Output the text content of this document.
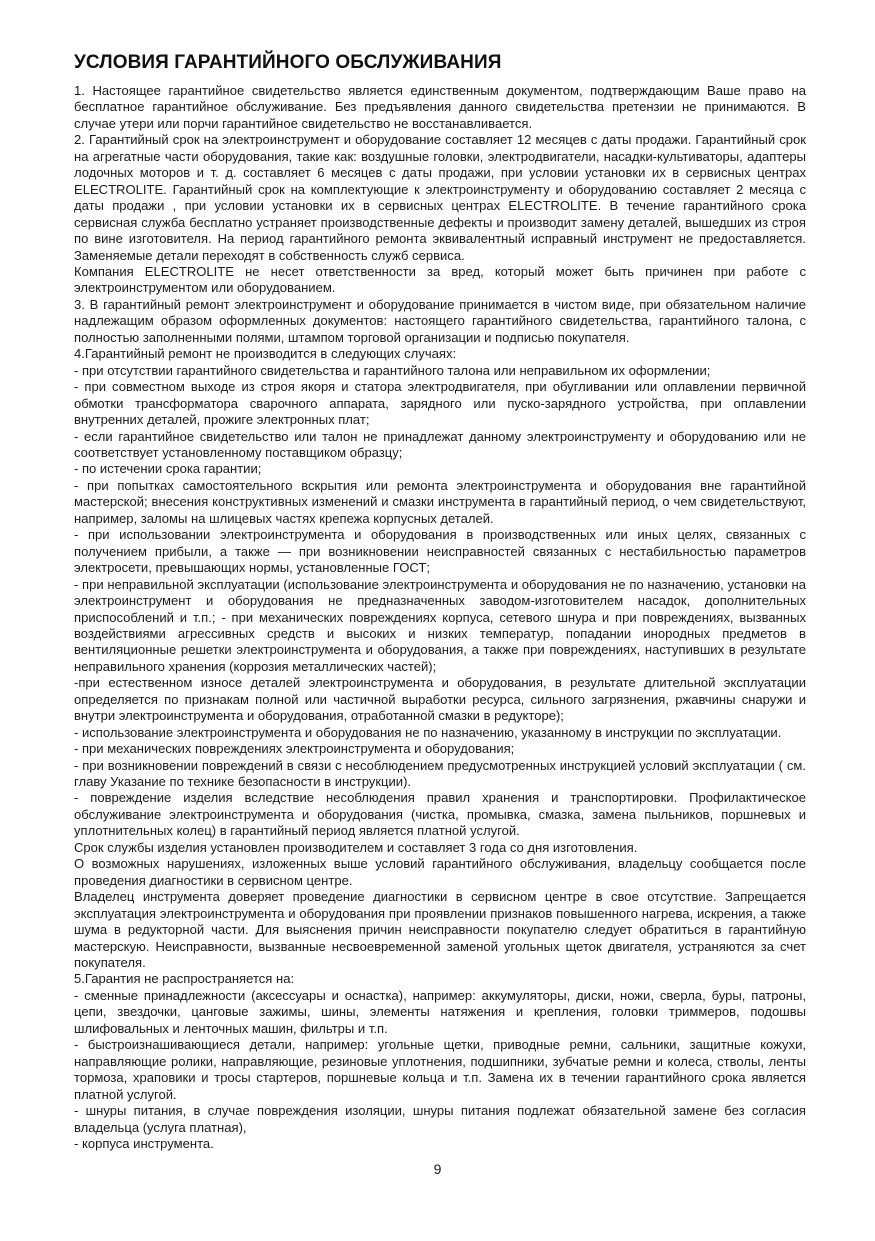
УСЛОВИЯ ГАРАНТИЙНОГО ОБСЛУЖИВАНИЯ

1. Настоящее гарантийное свидетельство является единственным документом, подтверждающим Ваше право на бесплатное гарантийное обслуживание. Без предъявления данного свидетельства претензии не принимаются. В случае утери или порчи гарантийное свидетельство не восстанавливается.

2. Гарантийный срок на электроинструмент и оборудование составляет 12 месяцев с даты продажи. Гарантийный срок на агрегатные части оборудования, такие как: воздушные головки, электродвигатели, насадки-культиваторы, адаптеры лодочных моторов и т. д. составляет 6 месяцев с даты продажи, при условии установки их в сервисных центрах ELECTROLITE. Гарантийный срок на комплектующие к электроинструменту и оборудованию составляет 2 месяца с даты продажи , при условии установки их в сервисных центрах ELECTROLITE. В течение гарантийного срока сервисная служба бесплатно устраняет производственные дефекты и производит замену деталей, вышедших из строя по вине изготовителя. На период гарантийного ремонта эквивалентный исправный инструмент не предоставляется. Заменяемые детали переходят в собственность служб сервиса.

Компания ELECTROLITE не несет ответственности за вред, который может быть причинен при работе с электроинструментом или оборудованием.

3. В гарантийный ремонт электроинструмент и оборудование принимается в чистом виде, при обязательном наличие надлежащим образом оформленных документов: настоящего гарантийного свидетельства, гарантийного талона, с полностью заполненными полями, штампом торговой организации и подписью покупателя.

4.Гарантийный ремонт не производится в следующих случаях:

- при отсутствии гарантийного свидетельства и гарантийного талона или неправильном их оформлении;

- при совместном выходе из строя якоря и статора электродвигателя, при обугливании или оплавлении первичной обмотки трансформатора сварочного аппарата, зарядного или пуско-зарядного устройства, при оплавлении внутренних деталей, прожиге электронных плат;

- если гарантийное свидетельство или талон не принадлежат данному электроинструменту и оборудованию или не соответствует установленному поставщиком образцу;

- по истечении срока гарантии;

- при попытках самостоятельного вскрытия или ремонта электроинструмента и оборудования вне гарантийной мастерской; внесения конструктивных изменений и смазки инструмента в гарантийный период, о чем свидетельствуют, например, заломы на шлицевых частях крепежа корпусных деталей.

- при использовании электроинструмента и оборудования в производственных или иных целях, связанных с получением прибыли, а также — при возникновении неисправностей связанных с нестабильностью параметров электросети, превышающих нормы, установленные ГОСТ;

- при неправильной эксплуатации (использование электроинструмента и оборудования не по назначению, установки на электроинструмент и оборудования не предназначенных заводом-изготовителем насадок, дополнительных приспособлений и т.п.; - при механических повреждениях корпуса, сетевого шнура и при повреждениях, вызванных воздействиями агрессивных средств и высоких и низких температур, попадании инородных предметов в вентиляционные решетки электроинструмента и оборудования, а также при повреждениях, наступивших в результате неправильного хранения (коррозия металлических частей);

-при естественном износе деталей электроинструмента и оборудования, в результате длительной эксплуатации определяется по признакам полной или частичной выработки ресурса, сильного загрязнения, ржавчины снаружи и внутри электроинструмента и оборудования, отработанной смазки в редукторе);

- использование электроинструмента и оборудования не по назначению, указанному в инструкции по эксплуатации.

- при механических повреждениях электроинструмента и оборудования;

- при возникновении повреждений в связи с несоблюдением предусмотренных инструкцией условий эксплуатации ( см. главу Указание по технике безопасности в инструкции).

- повреждение изделия вследствие несоблюдения правил хранения и транспортировки. Профилактическое обслуживание электроинструмента и оборудования (чистка, промывка, смазка, замена пыльников, поршневых и уплотнительных колец) в гарантийный период является платной услугой.

Срок службы изделия установлен производителем и составляет 3 года со дня изготовления.

О возможных нарушениях, изложенных выше условий гарантийного обслуживания, владельцу сообщается после проведения диагностики в сервисном центре.

Владелец инструмента доверяет проведение диагностики в сервисном центре в свое отсутствие. Запрещается эксплуатация электроинструмента и оборудования при проявлении признаков повышенного нагрева, искрения, а также шума в редукторной части. Для выяснения причин неисправности покупателю следует обратиться в гарантийную мастерскую. Неисправности, вызванные несвоевременной заменой угольных щеток двигателя, устраняются за счет покупателя.

5.Гарантия не распространяется на:

- сменные принадлежности (аксессуары и оснастка), например: аккумуляторы, диски, ножи, сверла, буры, патроны, цепи, звездочки, цанговые зажимы, шины, элементы натяжения и крепления, головки триммеров, подошвы шлифовальных и ленточных машин, фильтры и т.п.

- быстроизнашивающиеся детали, например: угольные щетки, приводные ремни, сальники, защитные кожухи, направляющие ролики, направляющие, резиновые уплотнения, подшипники, зубчатые ремни и колеса, стволы, ленты тормоза, храповики и тросы стартеров, поршневые кольца и т.п. Замена их в течении гарантийного срока является платной услугой.

- шнуры питания, в случае повреждения изоляции, шнуры питания подлежат обязательной замене без согласия владельца (услуга платная),

- корпуса инструмента.

9
